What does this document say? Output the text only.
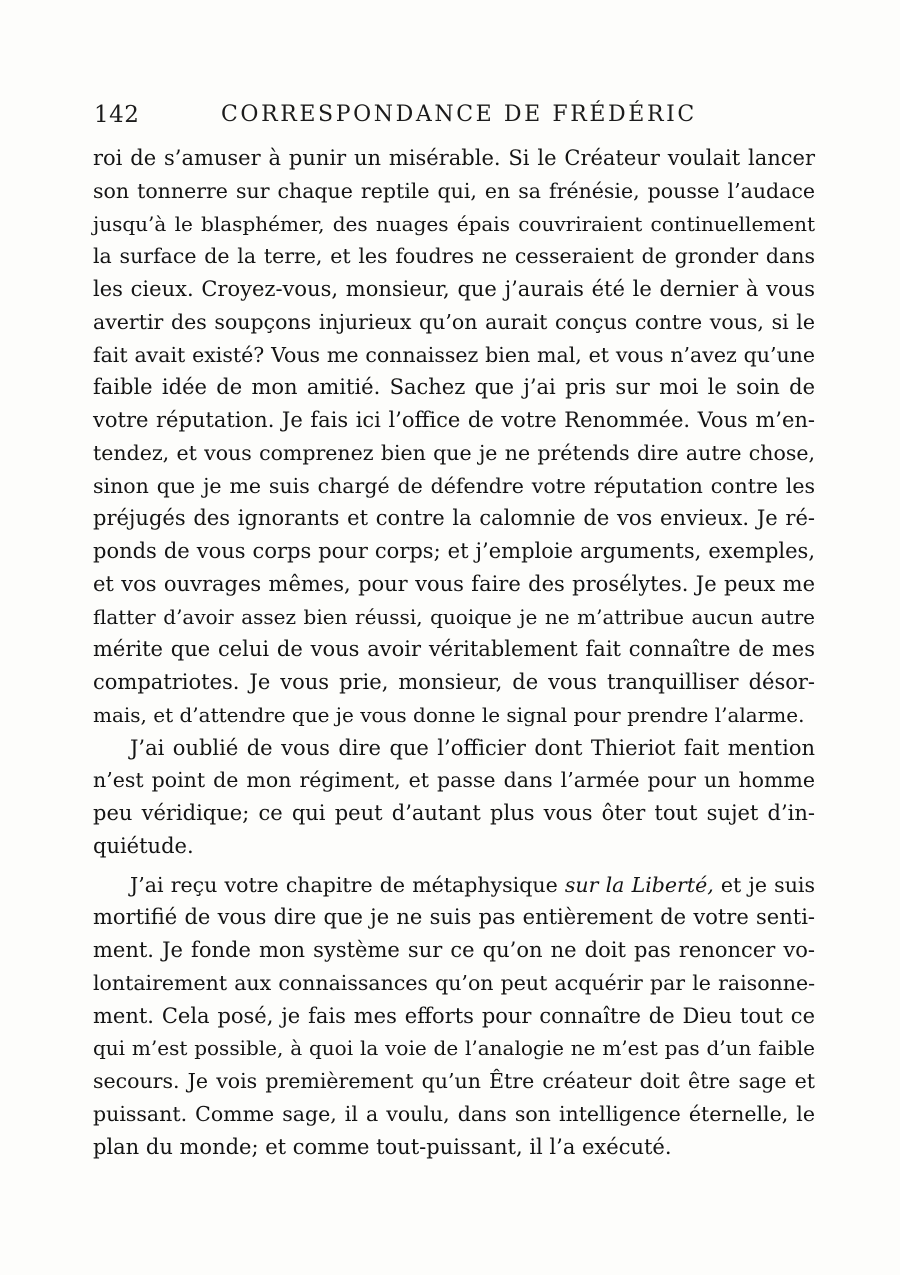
142	CORRESPONDANCE DE FRÉDÉRIC

roi de s’amuser à punir un misérable. Si le Créateur voulait lancer
son tonnerre sur chaque reptile qui, en sa frénésie, pousse l’audace
jusqu’à le blasphémer, des nuages épais couvriraient continuellement
la surface de la terre, et les foudres ne cesseraient de gronder dans
les cieux. Croyez-vous, monsieur, que j’aurais été le dernier à vous
avertir des soupçons injurieux qu’on aurait conçus contre vous, si le
fait avait existé? Vous me connaissez bien mal, et vous n’avez qu’une
faible idée de mon amitié. Sachez que j’ai pris sur moi le soin de
votre réputation. Je fais ici l’office de votre Renommée. Vous m’en-
tendez, et vous comprenez bien que je ne prétends dire autre chose,
sinon que je me suis chargé de défendre votre réputation contre les
préjugés des ignorants et contre la calomnie de vos envieux. Je ré-
ponds de vous corps pour corps; et j’emploie arguments, exemples,
et vos ouvrages mêmes, pour vous faire des prosélytes. Je peux me
flatter d’avoir assez bien réussi, quoique je ne m’attribue aucun autre
mérite que celui de vous avoir véritablement fait connaître de mes
compatriotes. Je vous prie, monsieur, de vous tranquilliser désor-
mais, et d’attendre que je vous donne le signal pour prendre l’alarme.

J’ai oublié de vous dire que l’officier dont Thieriot fait mention
n’est point de mon régiment, et passe dans l’armée pour un homme
peu véridique; ce qui peut d’autant plus vous ôter tout sujet d’in-
quiétude.

J’ai reçu votre chapitre de métaphysique sur la Liberté, et je suis
mortifié de vous dire que je ne suis pas entièrement de votre senti-
ment. Je fonde mon système sur ce qu’on ne doit pas renoncer vo-
lontairement aux connaissances qu’on peut acquérir par le raisonne-
ment. Cela posé, je fais mes efforts pour connaître de Dieu tout ce
qui m’est possible, à quoi la voie de l’analogie ne m’est pas d’un faible
secours. Je vois premièrement qu’un Être créateur doit être sage et
puissant. Comme sage, il a voulu, dans son intelligence éternelle, le
plan du monde; et comme tout-puissant, il l’a exécuté.
